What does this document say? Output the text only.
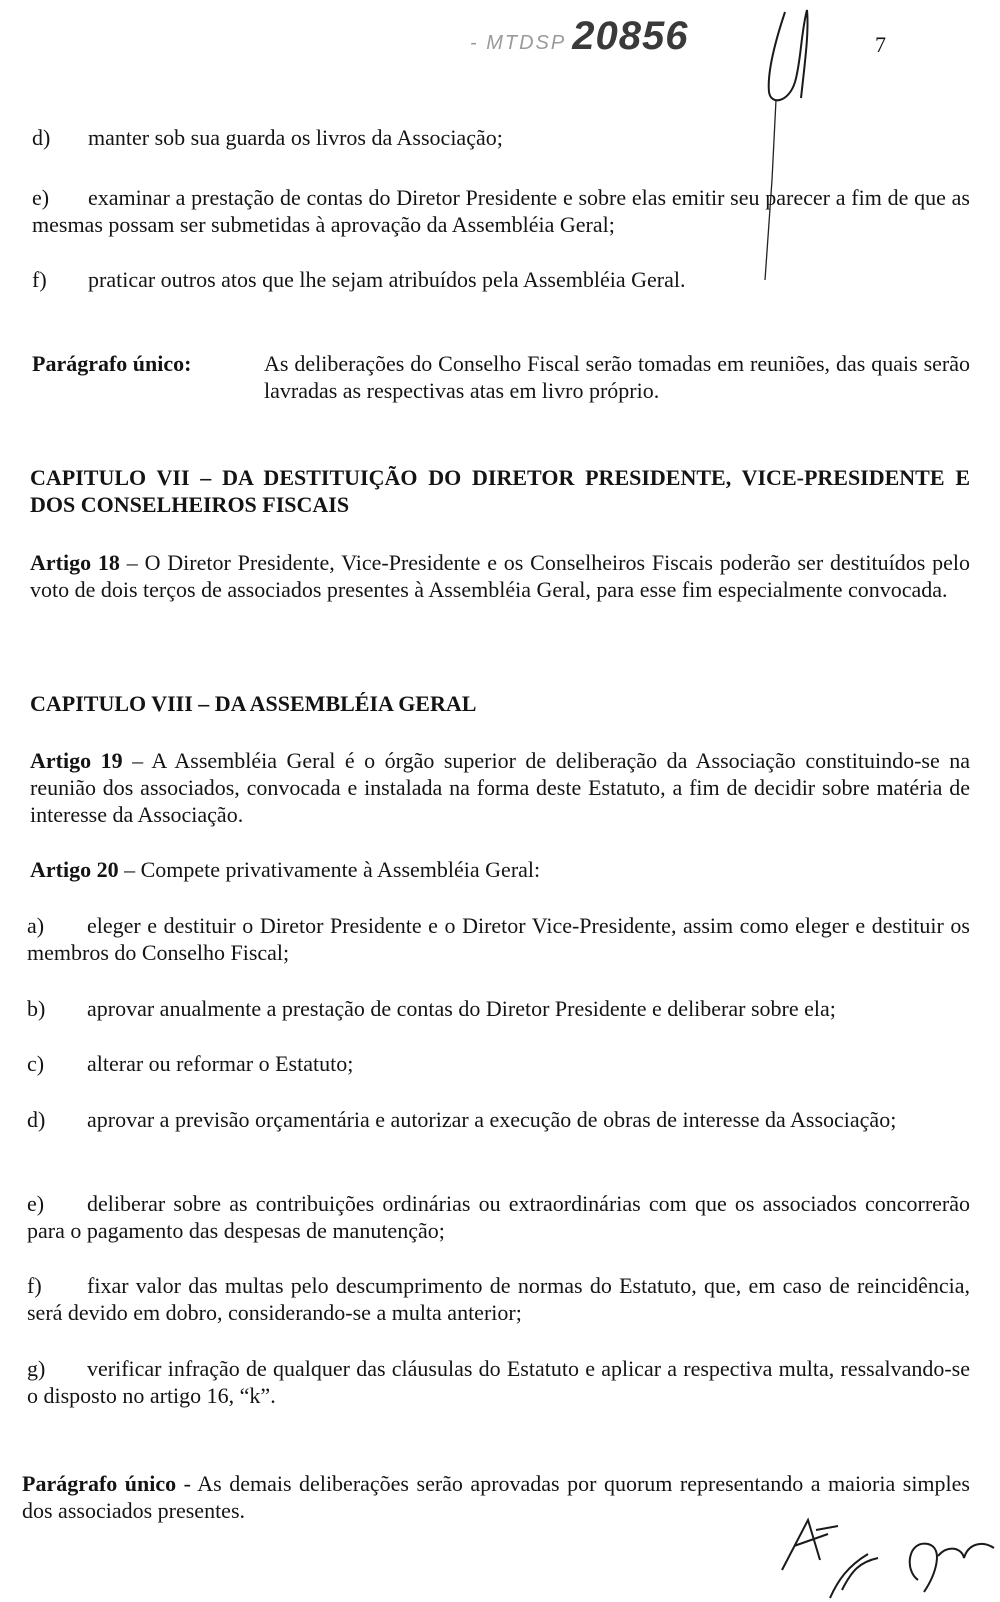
- MTDSP 20856	7
d) manter sob sua guarda os livros da Associação;
e) examinar a prestação de contas do Diretor Presidente e sobre elas emitir seu parecer a fim de que as mesmas possam ser submetidas à aprovação da Assembléia Geral;
f) praticar outros atos que lhe sejam atribuídos pela Assembléia Geral.
Parágrafo único:	As deliberações do Conselho Fiscal serão tomadas em reuniões, das quais serão lavradas as respectivas atas em livro próprio.
CAPITULO VII – DA DESTITUIÇÃO DO DIRETOR PRESIDENTE, VICE-PRESIDENTE E DOS CONSELHEIROS FISCAIS
Artigo 18 – O Diretor Presidente, Vice-Presidente e os Conselheiros Fiscais poderão ser destituídos pelo voto de dois terços de associados presentes à Assembléia Geral, para esse fim especialmente convocada.
CAPITULO VIII – DA ASSEMBLÉIA GERAL
Artigo 19 – A Assembléia Geral é o órgão superior de deliberação da Associação constituindo-se na reunião dos associados, convocada e instalada na forma deste Estatuto, a fim de decidir sobre matéria de interesse da Associação.
Artigo 20 – Compete privativamente à Assembléia Geral:
a) eleger e destituir o Diretor Presidente e o Diretor Vice-Presidente, assim como eleger e destituir os membros do Conselho Fiscal;
b) aprovar anualmente a prestação de contas do Diretor Presidente e deliberar sobre ela;
c) alterar ou reformar o Estatuto;
d) aprovar a previsão orçamentária e autorizar a execução de obras de interesse da Associação;
e) deliberar sobre as contribuições ordinárias ou extraordinárias com que os associados concorrerão para o pagamento das despesas de manutenção;
f) fixar valor das multas pelo descumprimento de normas do Estatuto, que, em caso de reincidência, será devido em dobro, considerando-se a multa anterior;
g) verificar infração de qualquer das cláusulas do Estatuto e aplicar a respectiva multa, ressalvando-se o disposto no artigo 16, “k”.
Parágrafo único - As demais deliberações serão aprovadas por quorum representando a maioria simples dos associados presentes.
